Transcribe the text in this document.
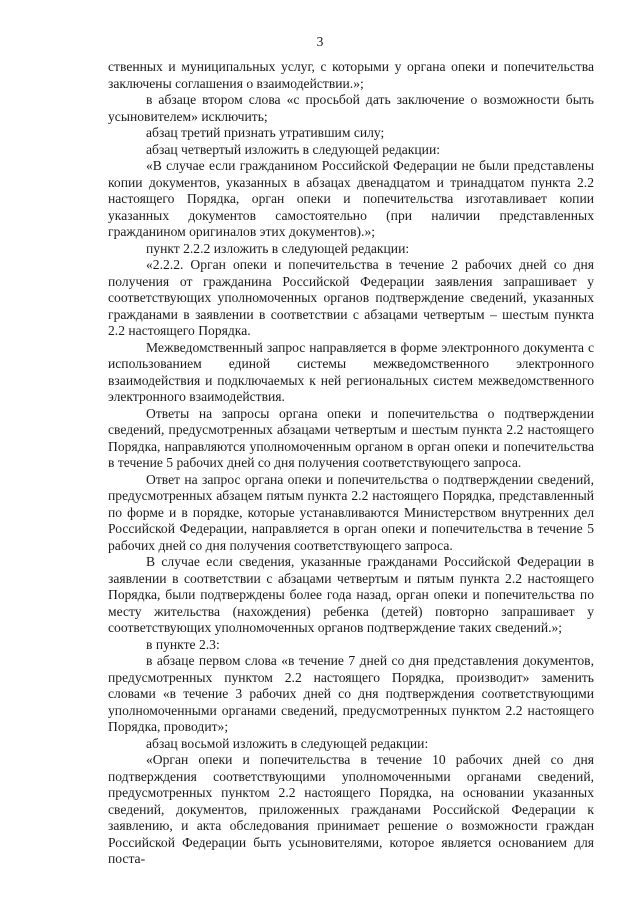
3

ственных и муниципальных услуг, с которыми у органа опеки и попечительства заключены соглашения о взаимодействии.»;

в абзаце втором слова «с просьбой дать заключение о возможности быть усыновителем» исключить;

абзац третий признать утратившим силу;

абзац четвертый изложить в следующей редакции:

«В случае если гражданином Российской Федерации не были представлены копии документов, указанных в абзацах двенадцатом и тринадцатом пункта 2.2 настоящего Порядка, орган опеки и попечительства изготавливает копии указанных документов самостоятельно (при наличии представленных гражданином оригиналов этих документов).»;

пункт 2.2.2 изложить в следующей редакции:

«2.2.2. Орган опеки и попечительства в течение 2 рабочих дней со дня получения от гражданина Российской Федерации заявления запрашивает у соответствующих уполномоченных органов подтверждение сведений, указанных гражданами в заявлении в соответствии с абзацами четвертым – шестым пункта 2.2 настоящего Порядка.

Межведомственный запрос направляется в форме электронного документа с использованием единой системы межведомственного электронного взаимодействия и подключаемых к ней региональных систем межведомственного электронного взаимодействия.

Ответы на запросы органа опеки и попечительства о подтверждении сведений, предусмотренных абзацами четвертым и шестым пункта 2.2 настоящего Порядка, направляются уполномоченным органом в орган опеки и попечительства в течение 5 рабочих дней со дня получения соответствующего запроса.

Ответ на запрос органа опеки и попечительства о подтверждении сведений, предусмотренных абзацем пятым пункта 2.2 настоящего Порядка, представленный по форме и в порядке, которые устанавливаются Министерством внутренних дел Российской Федерации, направляется в орган опеки и попечительства в течение 5 рабочих дней со дня получения соответствующего запроса.

В случае если сведения, указанные гражданами Российской Федерации в заявлении в соответствии с абзацами четвертым и пятым пункта 2.2 настоящего Порядка, были подтверждены более года назад, орган опеки и попечительства по месту жительства (нахождения) ребенка (детей) повторно запрашивает у соответствующих уполномоченных органов подтверждение таких сведений.»;

в пункте 2.3:

в абзаце первом слова «в течение 7 дней со дня представления документов, предусмотренных пунктом 2.2 настоящего Порядка, производит» заменить словами «в течение 3 рабочих дней со дня подтверждения соответствующими уполномоченными органами сведений, предусмотренных пунктом 2.2 настоящего Порядка, проводит»;

абзац восьмой изложить в следующей редакции:

«Орган опеки и попечительства в течение 10 рабочих дней со дня подтверждения соответствующими уполномоченными органами сведений, предусмотренных пунктом 2.2 настоящего Порядка, на основании указанных сведений, документов, приложенных гражданами Российской Федерации к заявлению, и акта обследования принимает решение о возможности граждан Российской Федерации быть усыновителями, которое является основанием для поста-
